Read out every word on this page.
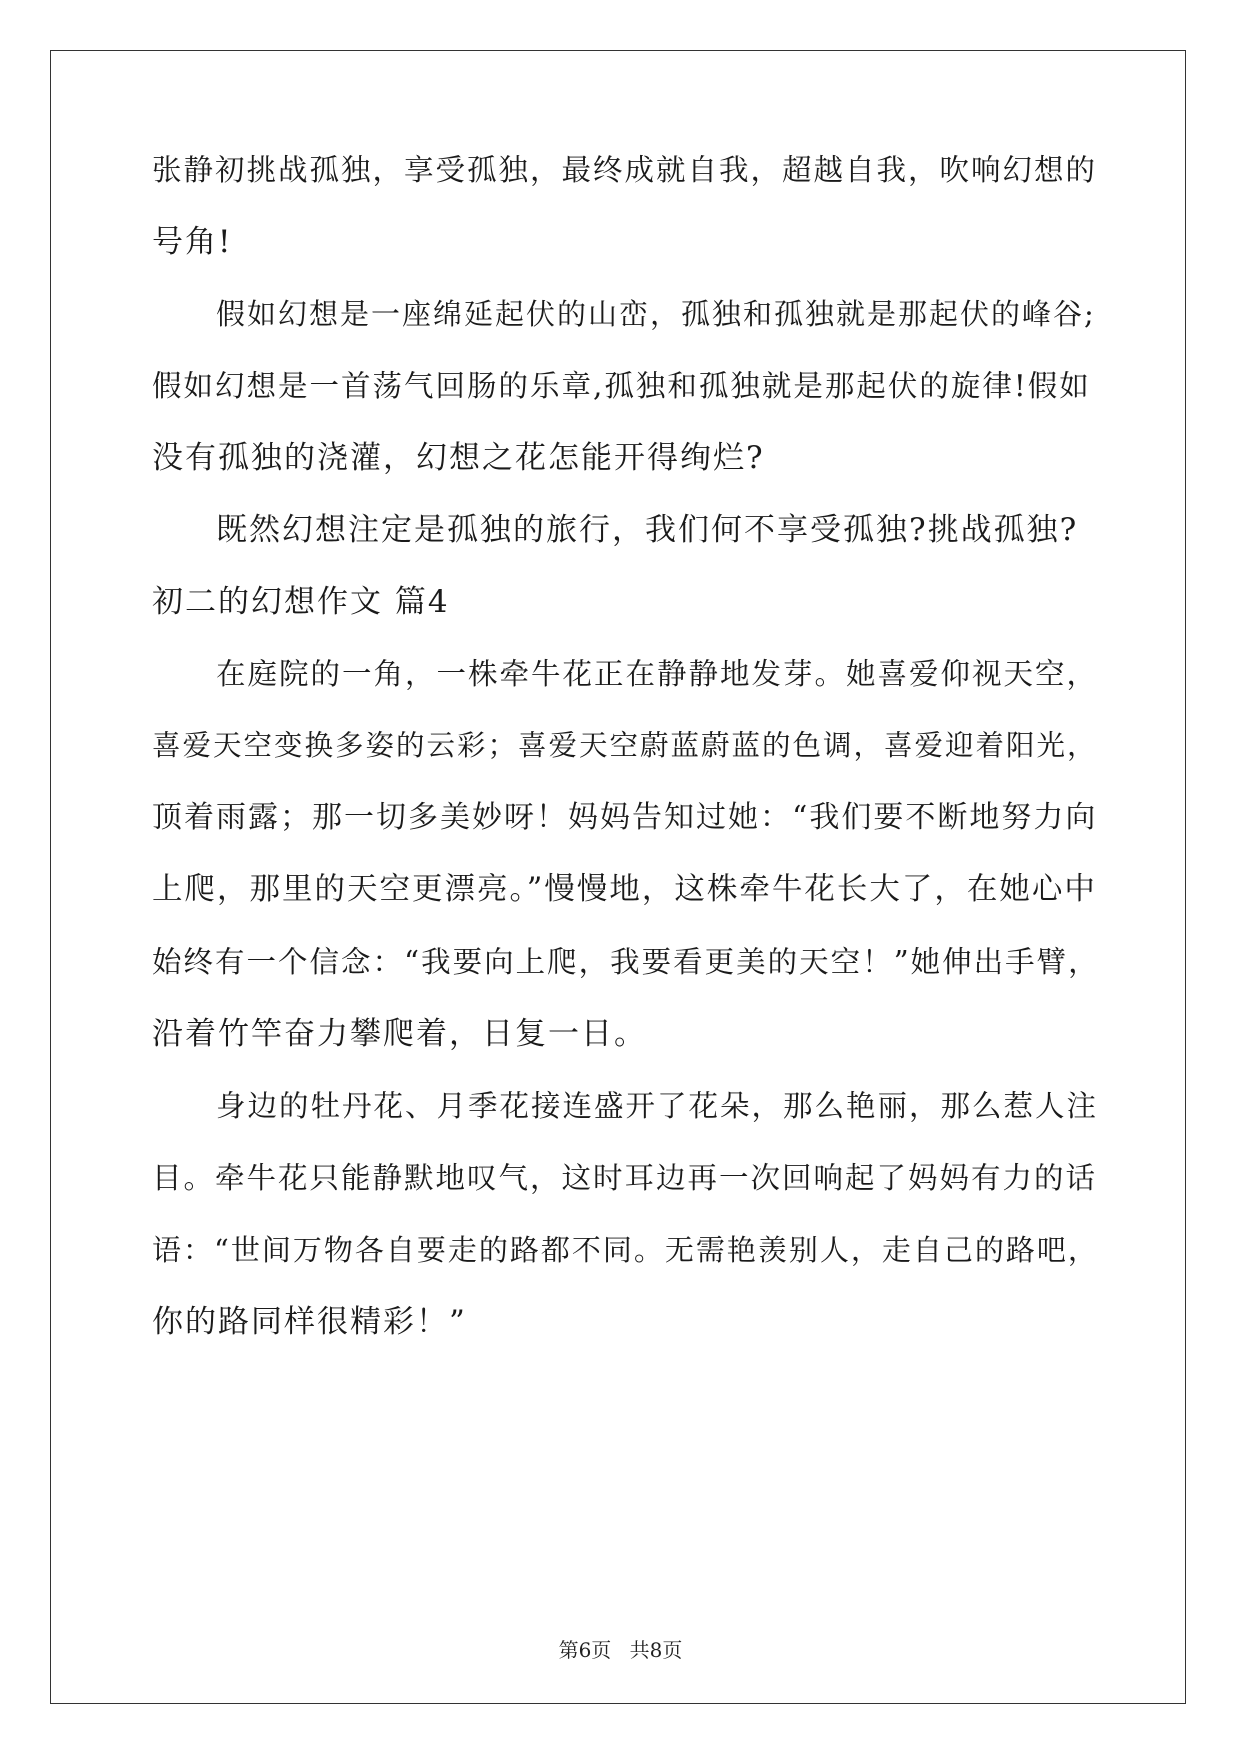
张静初挑战孤独，享受孤独，最终成就自我，超越自我，吹响幻想的
号角!
假如幻想是一座绵延起伏的山峦，孤独和孤独就是那起伏的峰谷;
假如幻想是一首荡气回肠的乐章,孤独和孤独就是那起伏的旋律!假如
没有孤独的浇灌，幻想之花怎能开得绚烂?
既然幻想注定是孤独的旅行，我们何不享受孤独?挑战孤独?
初二的幻想作文 篇4
在庭院的一角，一株牵牛花正在静静地发芽。她喜爱仰视天空，
喜爱天空变换多姿的云彩；喜爱天空蔚蓝蔚蓝的色调，喜爱迎着阳光，
顶着雨露；那一切多美妙呀！妈妈告知过她：“我们要不断地努力向
上爬，那里的天空更漂亮。”慢慢地，这株牵牛花长大了，在她心中
始终有一个信念：“我要向上爬，我要看更美的天空！”她伸出手臂，
沿着竹竿奋力攀爬着，日复一日。
身边的牡丹花、月季花接连盛开了花朵，那么艳丽，那么惹人注
目。牵牛花只能静默地叹气，这时耳边再一次回响起了妈妈有力的话
语：“世间万物各自要走的路都不同。无需艳羡别人，走自己的路吧，
你的路同样很精彩！”
第6页 共8页
